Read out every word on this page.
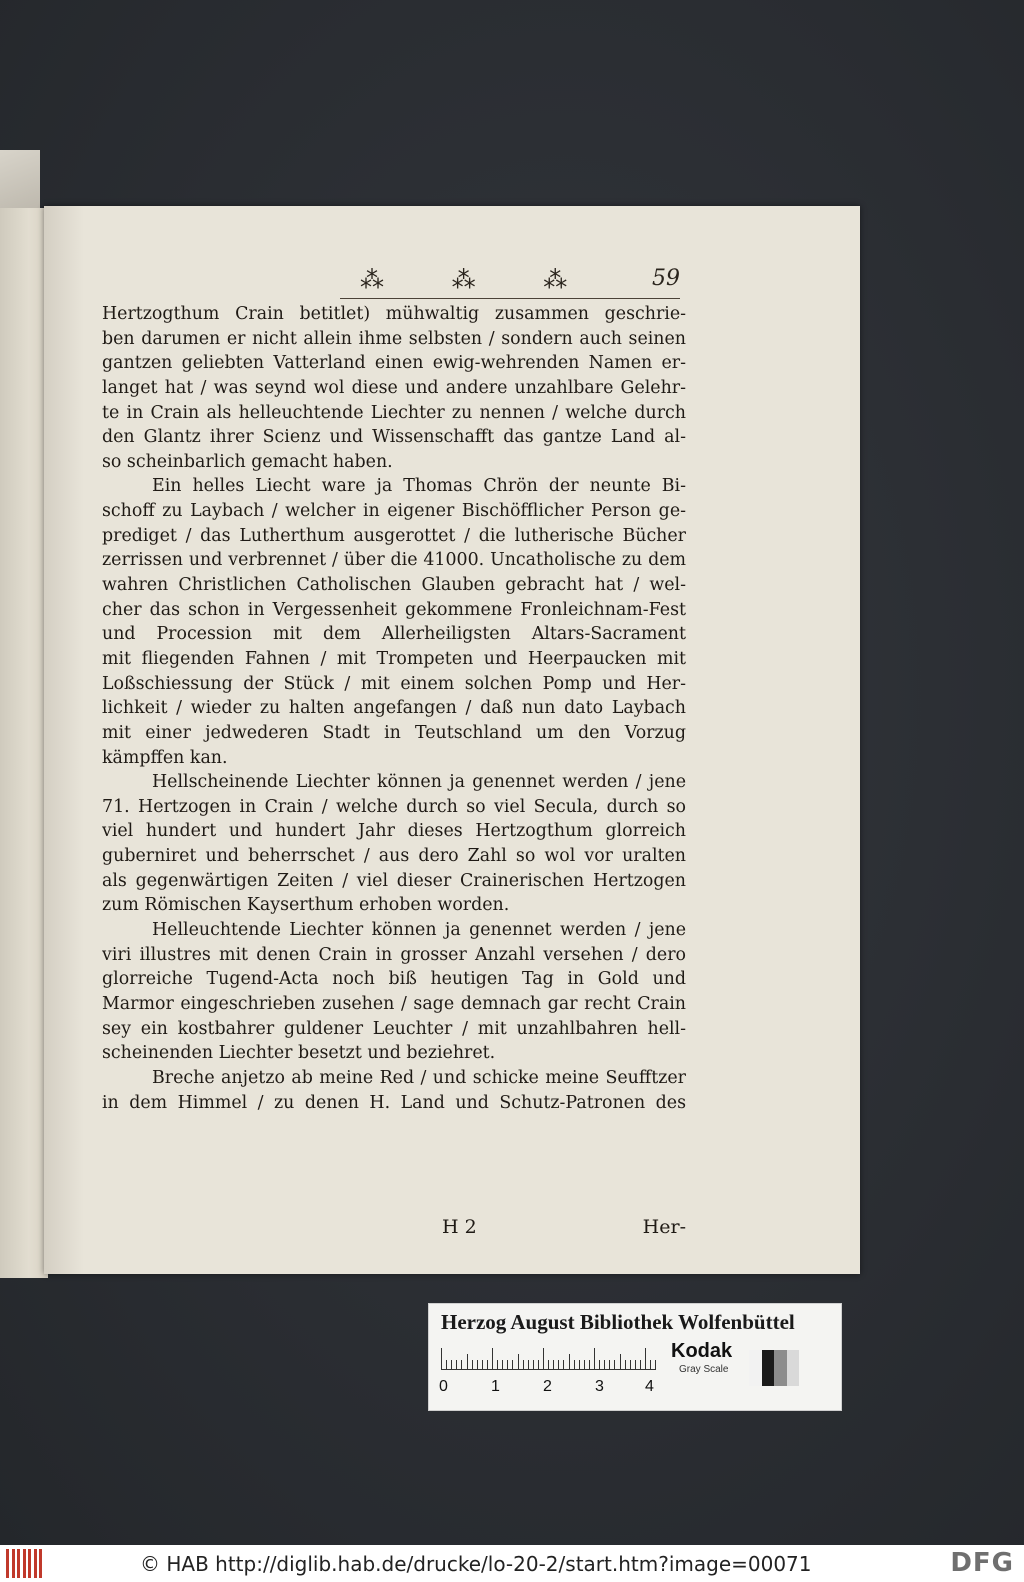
⁂ ⁂ ⁂ 59
Hertzogthum Crain betitlet) mühwaltig zusammen geschrie-
ben darumen er nicht allein ihme selbsten / sondern auch seinen
gantzen geliebten Vatterland einen ewig-wehrenden Namen er-
langet hat / was seynd wol diese und andere unzahlbare Gelehr-
te in Crain als helleuchtende Liechter zu nennen / welche durch
den Glantz ihrer Scienz und Wissenschafft das gantze Land al-
so scheinbarlich gemacht haben.
Ein helles Liecht ware ja Thomas Chrön der neunte Bi-
schoff zu Laybach / welcher in eigener Bischöfflicher Person ge-
prediget / das Lutherthum ausgerottet / die lutherische Bücher
zerrissen und verbrennet / über die 41000. Uncatholische zu dem
wahren Christlichen Catholischen Glauben gebracht hat / wel-
cher das schon in Vergessenheit gekommene Fronleichnam-Fest
und Procession mit dem Allerheiligsten Altars-Sacrament
mit fliegenden Fahnen / mit Trompeten und Heerpaucken mit
Loßschiessung der Stück / mit einem solchen Pomp und Her-
lichkeit / wieder zu halten angefangen / daß nun dato Laybach
mit einer jedwederen Stadt in Teutschland um den Vorzug
kämpffen kan.
Hellscheinende Liechter können ja genennet werden / jene
71. Hertzogen in Crain / welche durch so viel Secula, durch so
viel hundert und hundert Jahr dieses Hertzogthum glorreich
guberniret und beherrschet / aus dero Zahl so wol vor uralten
als gegenwärtigen Zeiten / viel dieser Crainerischen Hertzogen
zum Römischen Kayserthum erhoben worden.
Helleuchtende Liechter können ja genennet werden / jene
viri illustres mit denen Crain in grosser Anzahl versehen / dero
glorreiche Tugend-Acta noch biß heutigen Tag in Gold und
Marmor eingeschrieben zusehen / sage demnach gar recht Crain
sey ein kostbahrer guldener Leuchter / mit unzahlbahren hell-
scheinenden Liechter besetzt und beziehret.
Breche anjetzo ab meine Red / und schicke meine Seufftzer
in dem Himmel / zu denen H. Land und Schutz-Patronen des
H 2	Her-
Herzog August Bibliothek Wolfenbüttel
0	1	2	3	4
Kodak
Gray Scale
© HAB http://diglib.hab.de/drucke/lo-20-2/start.htm?image=00071	DFG
